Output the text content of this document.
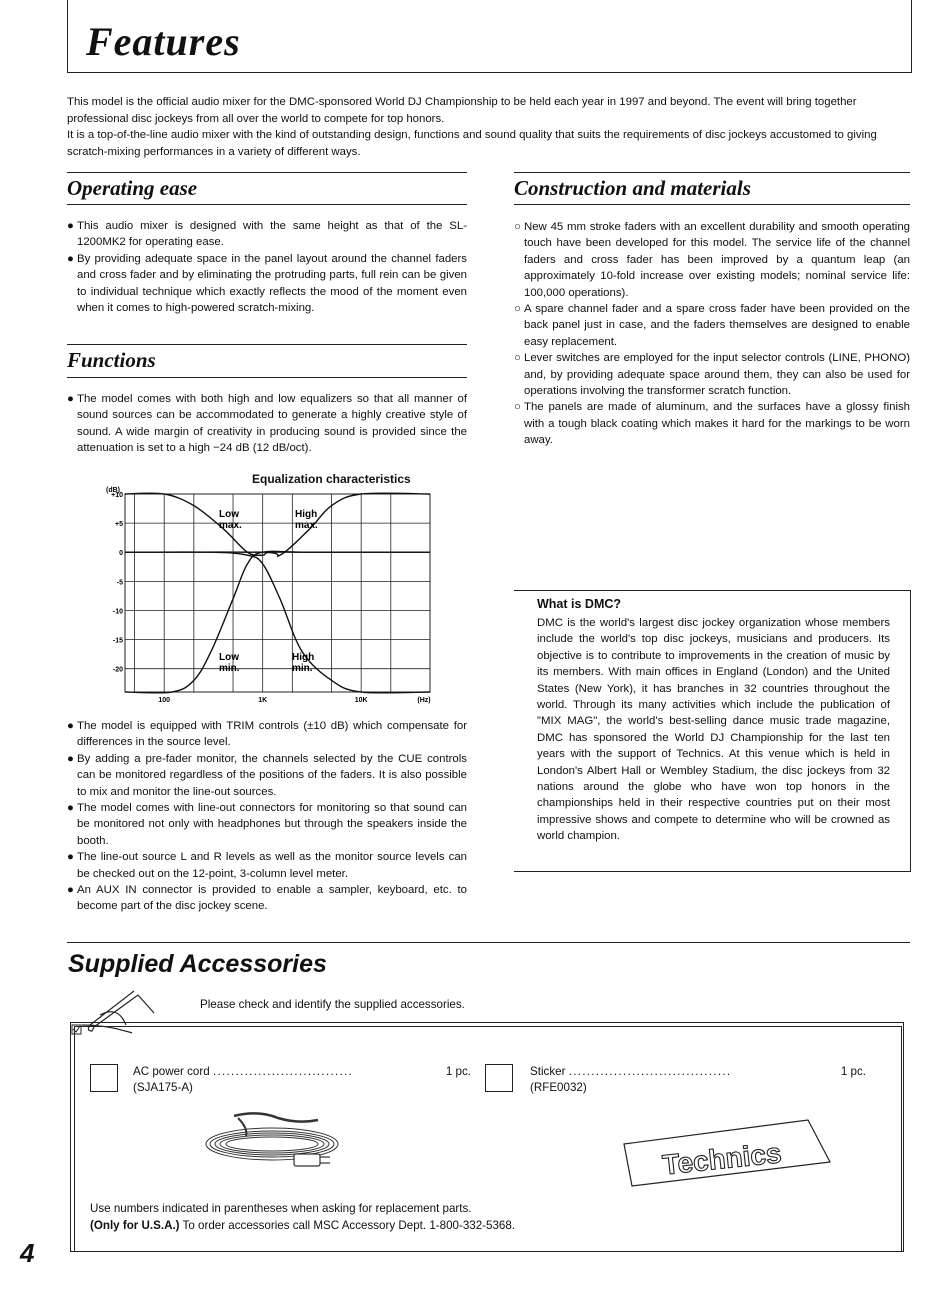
Features

This model is the official audio mixer for the DMC-sponsored World DJ Championship to be held each year in 1997 and beyond. The event will bring together professional disc jockeys from all over the world to compete for top honors.

It is a top-of-the-line audio mixer with the kind of outstanding design, functions and sound quality that suits the requirements of disc jockeys accustomed to giving scratch-mixing performances in a variety of different ways.

Operating ease
● This audio mixer is designed with the same height as that of the SL-1200MK2 for operating ease.
● By providing adequate space in the panel layout around the channel faders and cross fader and by eliminating the protruding parts, full rein can be given to individual technique which exactly reflects the mood of the moment even when it comes to high-powered scratch-mixing.
Functions
● The model comes with both high and low equalizers so that all manner of sound sources can be accommodated to generate a highly creative style of sound. A wide margin of creativity in producing sound is provided since the attenuation is set to a high −24 dB (12 dB/oct).
Equalization characteristics
+10
+5
0
-5
-10
-15
-20
100	1K	10K
(dB)
(Hz)
Low
max.
High
max.
Low
min.
High
min.
● The model is equipped with TRIM controls (±10 dB) which compensate for differences in the source level.
● By adding a pre-fader monitor, the channels selected by the CUE controls can be monitored regardless of the positions of the faders. It is also possible to mix and monitor the line-out sources.
● The model comes with line-out connectors for monitoring so that sound can be monitored not only with headphones but through the speakers inside the booth.
● The line-out source L and R levels as well as the monitor source levels can be checked out on the 12-point, 3-column level meter.
● An AUX IN connector is provided to enable a sampler, keyboard, etc. to become part of the disc jockey scene.
Construction and materials
○ New 45 mm stroke faders with an excellent durability and smooth operating touch have been developed for this model. The service life of the channel faders and cross fader has been improved by a quantum leap (an approximately 10-fold increase over existing models; nominal service life: 100,000 operations).
○ A spare channel fader and a spare cross fader have been provided on the back panel just in case, and the faders themselves are designed to enable easy replacement.
○ Lever switches are employed for the input selector controls (LINE, PHONO) and, by providing adequate space around them, they can also be used for operations involving the transformer scratch function.
○ The panels are made of aluminum, and the surfaces have a glossy finish with a tough black coating which makes it hard for the markings to be worn away.
What is DMC?
DMC is the world's largest disc jockey organization whose members include the world's top disc jockeys, musicians and producers. Its objective is to contribute to improvements in the creation of music by its members. With main offices in England (London) and the United States (New York), it has branches in 32 countries throughout the world. Through its many activities which include the publication of "MIX MAG", the world's best-selling dance music trade magazine, DMC has sponsored the World DJ Championship for the last ten years with the support of Technics. At this venue which is held in London's Albert Hall or Wembley Stadium, the disc jockeys from 32 nations around the globe who have won top honors in the championships held in their respective countries put on their most impressive shows and compete to determine who will be crowned as world champion.
Supplied Accessories
Please check and identify the supplied accessories.
AC power cord
...............................
	1 pc.
(SJA175-A)
Sticker
....................................
	1 pc.
(RFE0032)
Technics
Use numbers indicated in parentheses when asking for replacement parts.
(Only for U.S.A.) To order accessories call MSC Accessory Dept. 1-800-332-5368.
4
